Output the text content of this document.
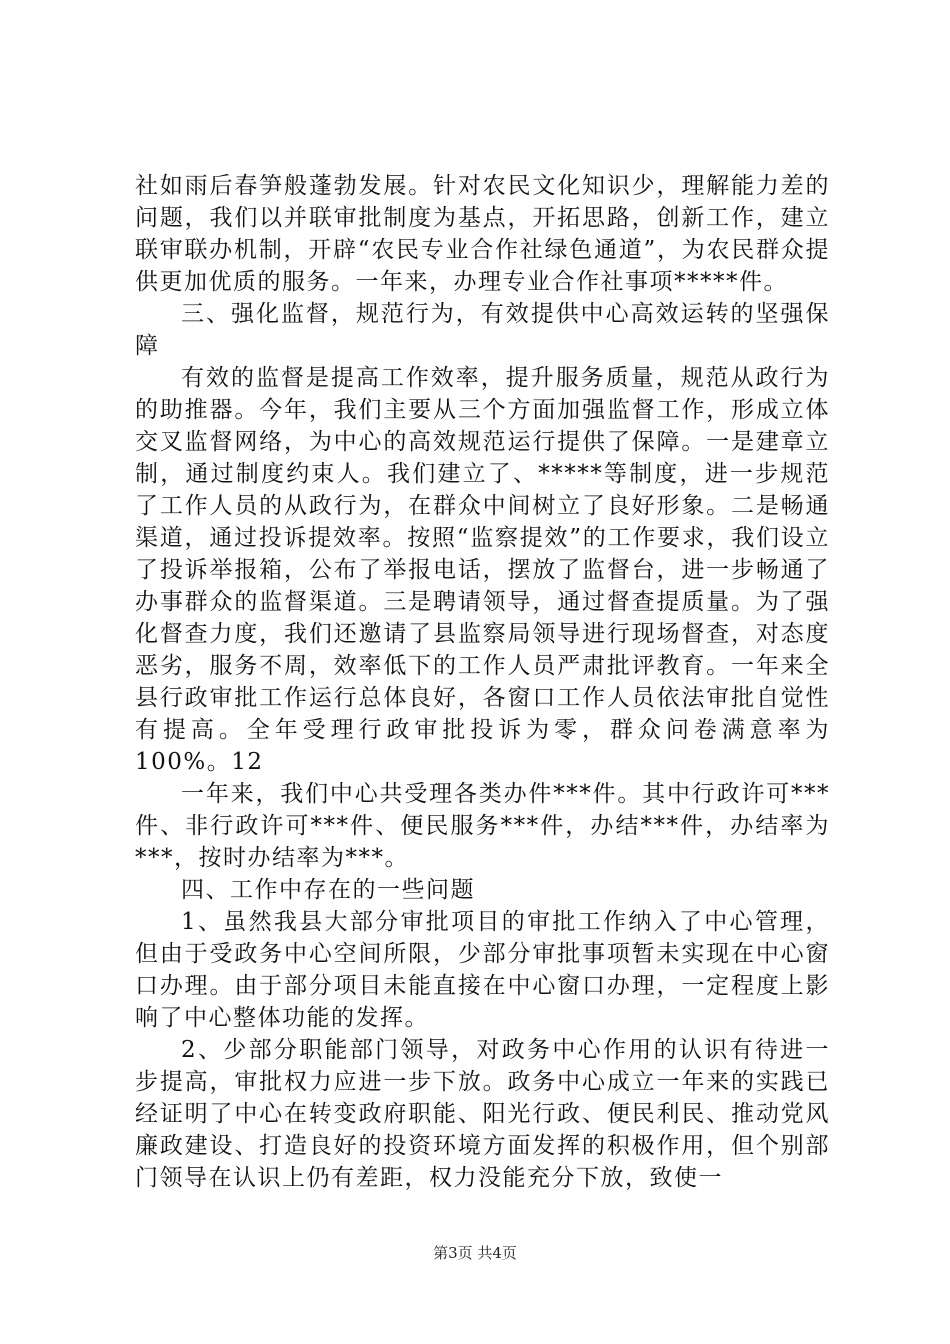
社如雨后春笋般蓬勃发展。针对农民文化知识少，理解能力差的问题，我们以并联审批制度为基点，开拓思路，创新工作，建立联审联办机制，开辟“农民专业合作社绿色通道”，为农民群众提供更加优质的服务。一年来，办理专业合作社事项*****件。

三、强化监督，规范行为，有效提供中心高效运转的坚强保障

有效的监督是提高工作效率，提升服务质量，规范从政行为的助推器。今年，我们主要从三个方面加强监督工作，形成立体交叉监督网络，为中心的高效规范运行提供了保障。一是建章立制，通过制度约束人。我们建立了、*****等制度，进一步规范了工作人员的从政行为，在群众中间树立了良好形象。二是畅通渠道，通过投诉提效率。按照“监察提效”的工作要求，我们设立了投诉举报箱，公布了举报电话，摆放了监督台，进一步畅通了办事群众的监督渠道。三是聘请领导，通过督查提质量。为了强化督查力度，我们还邀请了县监察局领导进行现场督查，对态度恶劣，服务不周，效率低下的工作人员严肃批评教育。一年来全县行政审批工作运行总体良好，各窗口工作人员依法审批自觉性有提高。全年受理行政审批投诉为零，群众问卷满意率为100%。12

一年来，我们中心共受理各类办件***件。其中行政许可***件、非行政许可***件、便民服务***件，办结***件，办结率为***，按时办结率为***。

四、工作中存在的一些问题

1、虽然我县大部分审批项目的审批工作纳入了中心管理，但由于受政务中心空间所限，少部分审批事项暂未实现在中心窗口办理。由于部分项目未能直接在中心窗口办理，一定程度上影响了中心整体功能的发挥。

2、少部分职能部门领导，对政务中心作用的认识有待进一步提高，审批权力应进一步下放。政务中心成立一年来的实践已经证明了中心在转变政府职能、阳光行政、便民利民、推动党风廉政建设、打造良好的投资环境方面发挥的积极作用，但个别部门领导在认识上仍有差距，权力没能充分下放，致使一

第3页 共4页
